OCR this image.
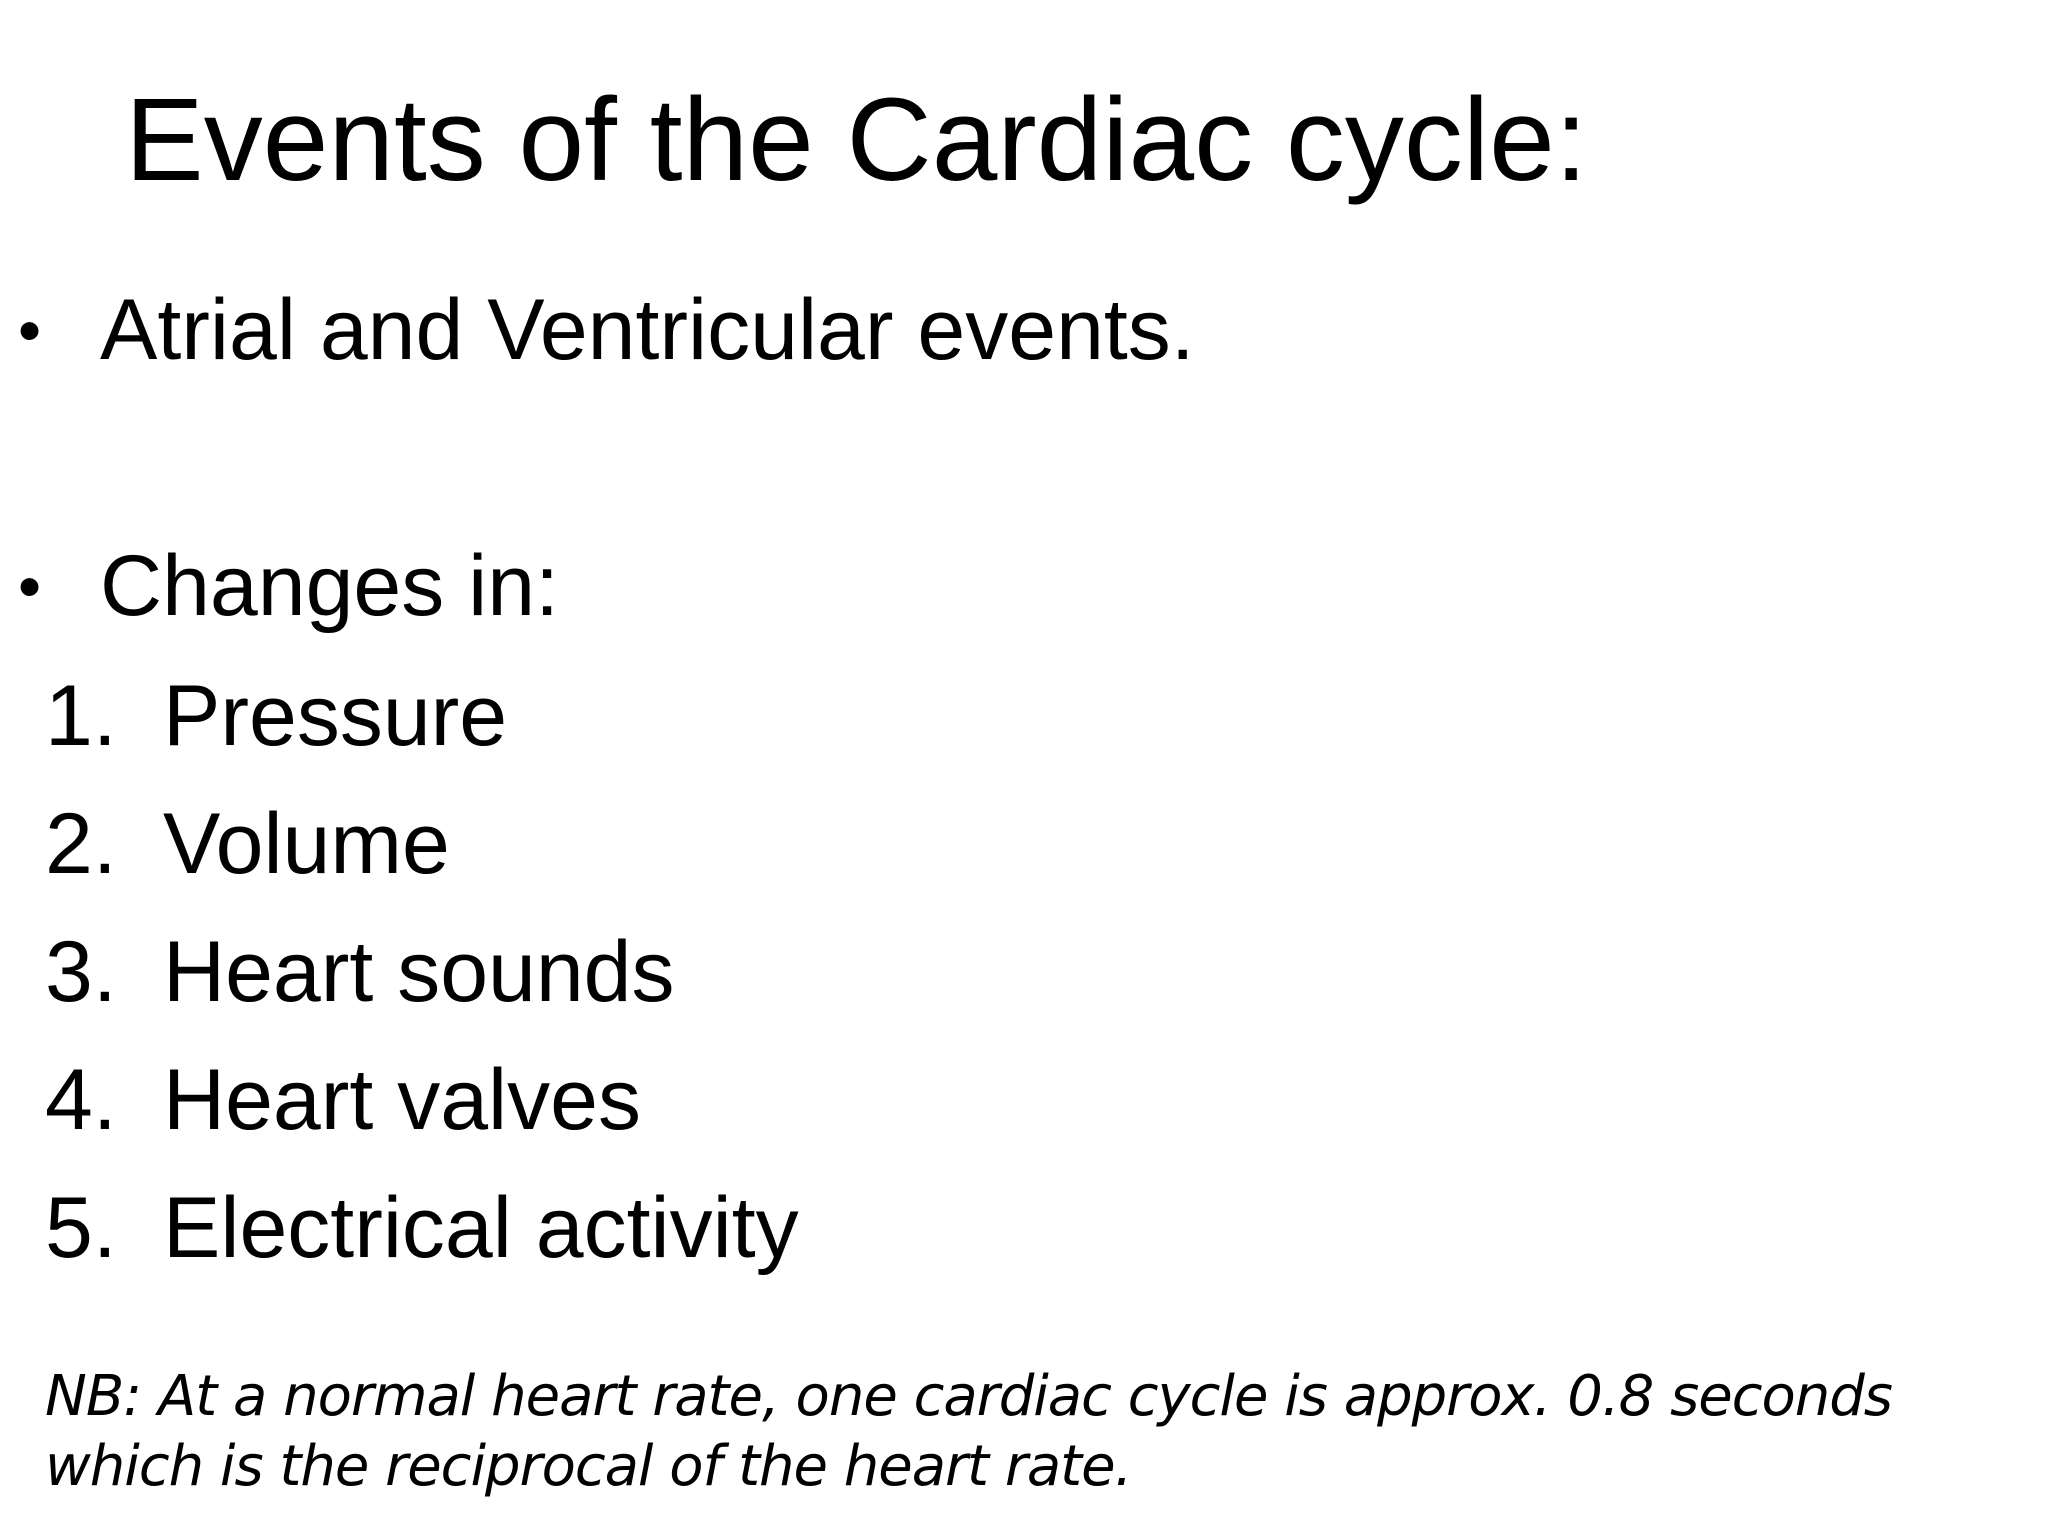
Events of the Cardiac cycle:
• Atrial and Ventricular events.
• Changes in:
1. Pressure
2. Volume
3. Heart sounds
4. Heart valves
5. Electrical activity
NB: At a normal heart rate, one cardiac cycle is approx. 0.8 seconds which is the reciprocal of the heart rate.
